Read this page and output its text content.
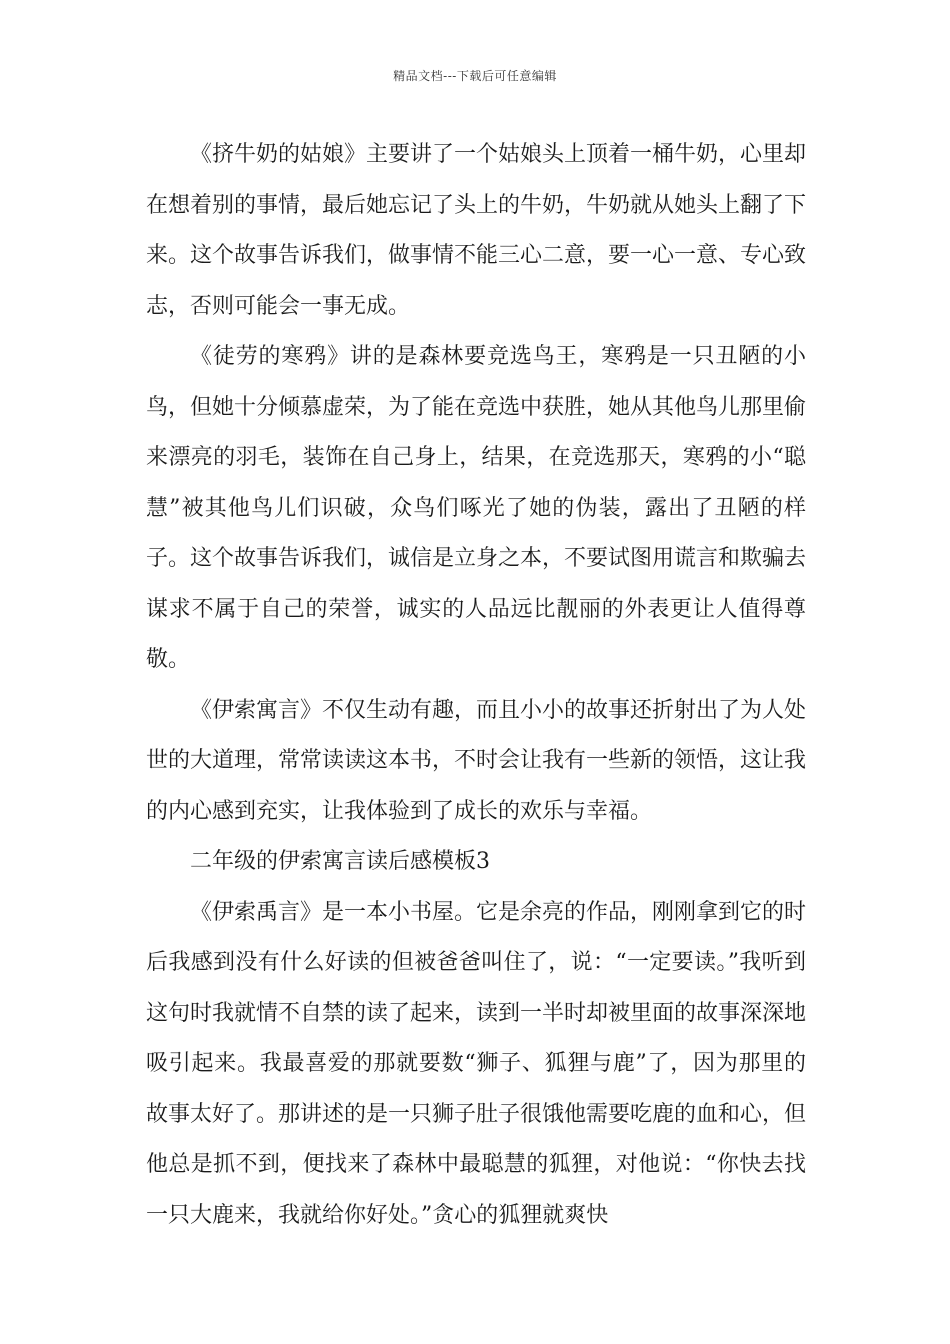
精品文档---下载后可任意编辑

《挤牛奶的姑娘》主要讲了一个姑娘头上顶着一桶牛奶，心里却在想着别的事情，最后她忘记了头上的牛奶，牛奶就从她头上翻了下来。这个故事告诉我们，做事情不能三心二意，要一心一意、专心致志，否则可能会一事无成。

《徒劳的寒鸦》讲的是森林要竞选鸟王，寒鸦是一只丑陋的小鸟，但她十分倾慕虚荣，为了能在竞选中获胜，她从其他鸟儿那里偷来漂亮的羽毛，装饰在自己身上，结果，在竞选那天，寒鸦的小“聪慧”被其他鸟儿们识破，众鸟们啄光了她的伪装，露出了丑陋的样子。这个故事告诉我们，诚信是立身之本，不要试图用谎言和欺骗去谋求不属于自己的荣誉，诚实的人品远比靓丽的外表更让人值得尊敬。

《伊索寓言》不仅生动有趣，而且小小的故事还折射出了为人处世的大道理，常常读读这本书，不时会让我有一些新的领悟，这让我的内心感到充实，让我体验到了成长的欢乐与幸福。

二年级的伊索寓言读后感模板3

《伊索禹言》是一本小书屋。它是余亮的作品，刚刚拿到它的时后我感到没有什么好读的但被爸爸叫住了，说：“一定要读。”我听到这句时我就情不自禁的读了起来，读到一半时却被里面的故事深深地吸引起来。我最喜爱的那就要数“狮子、狐狸与鹿”了，因为那里的故事太好了。那讲述的是一只狮子肚子很饿他需要吃鹿的血和心，但他总是抓不到，便找来了森林中最聪慧的狐狸，对他说：“你快去找一只大鹿来，我就给你好处。”贪心的狐狸就爽快
